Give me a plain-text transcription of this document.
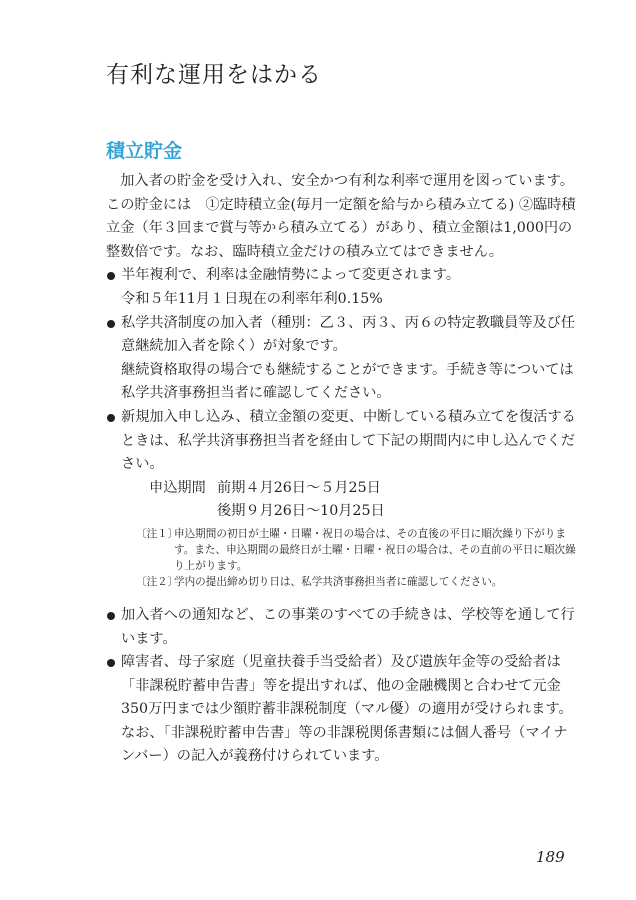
有利な運用をはかる
積立貯金

加入者の貯金を受け入れ、安全かつ有利な利率で運用を図っています。この貯金には　①定時積立金(毎月一定額を給与から積み立てる) ②臨時積立金（年３回まで賞与等から積み立てる）があり、積立金額は1,000円の整数倍です。なお、臨時積立金だけの積み立てはできません。

半年複利で、利率は金融情勢によって変更されます。

令和５年11月１日現在の利率年利0.15%

私学共済制度の加入者（種別：乙３、丙３、丙６の特定教職員等及び任意継続加入者を除く）が対象です。

継続資格取得の場合でも継続することができます。手続き等については私学共済事務担当者に確認してください。

新規加入申し込み、積立金額の変更、中断している積み立てを復活するときは、私学共済事務担当者を経由して下記の期間内に申し込んでください。

申込期間 前期４月26日～５月25日
後期９月26日～10月25日
〔注１〕
申込期間の初日が土曜・日曜・祝日の場合は、その直後の平日に順次繰り下がります。また、申込期間の最終日が土曜・日曜・祝日の場合は、その直前の平日に順次繰り上がります。
〔注２〕
学内の提出締め切り日は、私学共済事務担当者に確認してください。

加入者への通知など、この事業のすべての手続きは、学校等を通して行います。

障害者、母子家庭（児童扶養手当受給者）及び遺族年金等の受給者は「非課税貯蓄申告書」等を提出すれば、他の金融機関と合わせて元金350万円までは少額貯蓄非課税制度（マル優）の適用が受けられます。

なお、「非課税貯蓄申告書」等の非課税関係書類には個人番号（マイナンバー）の記入が義務付けられています。

189
